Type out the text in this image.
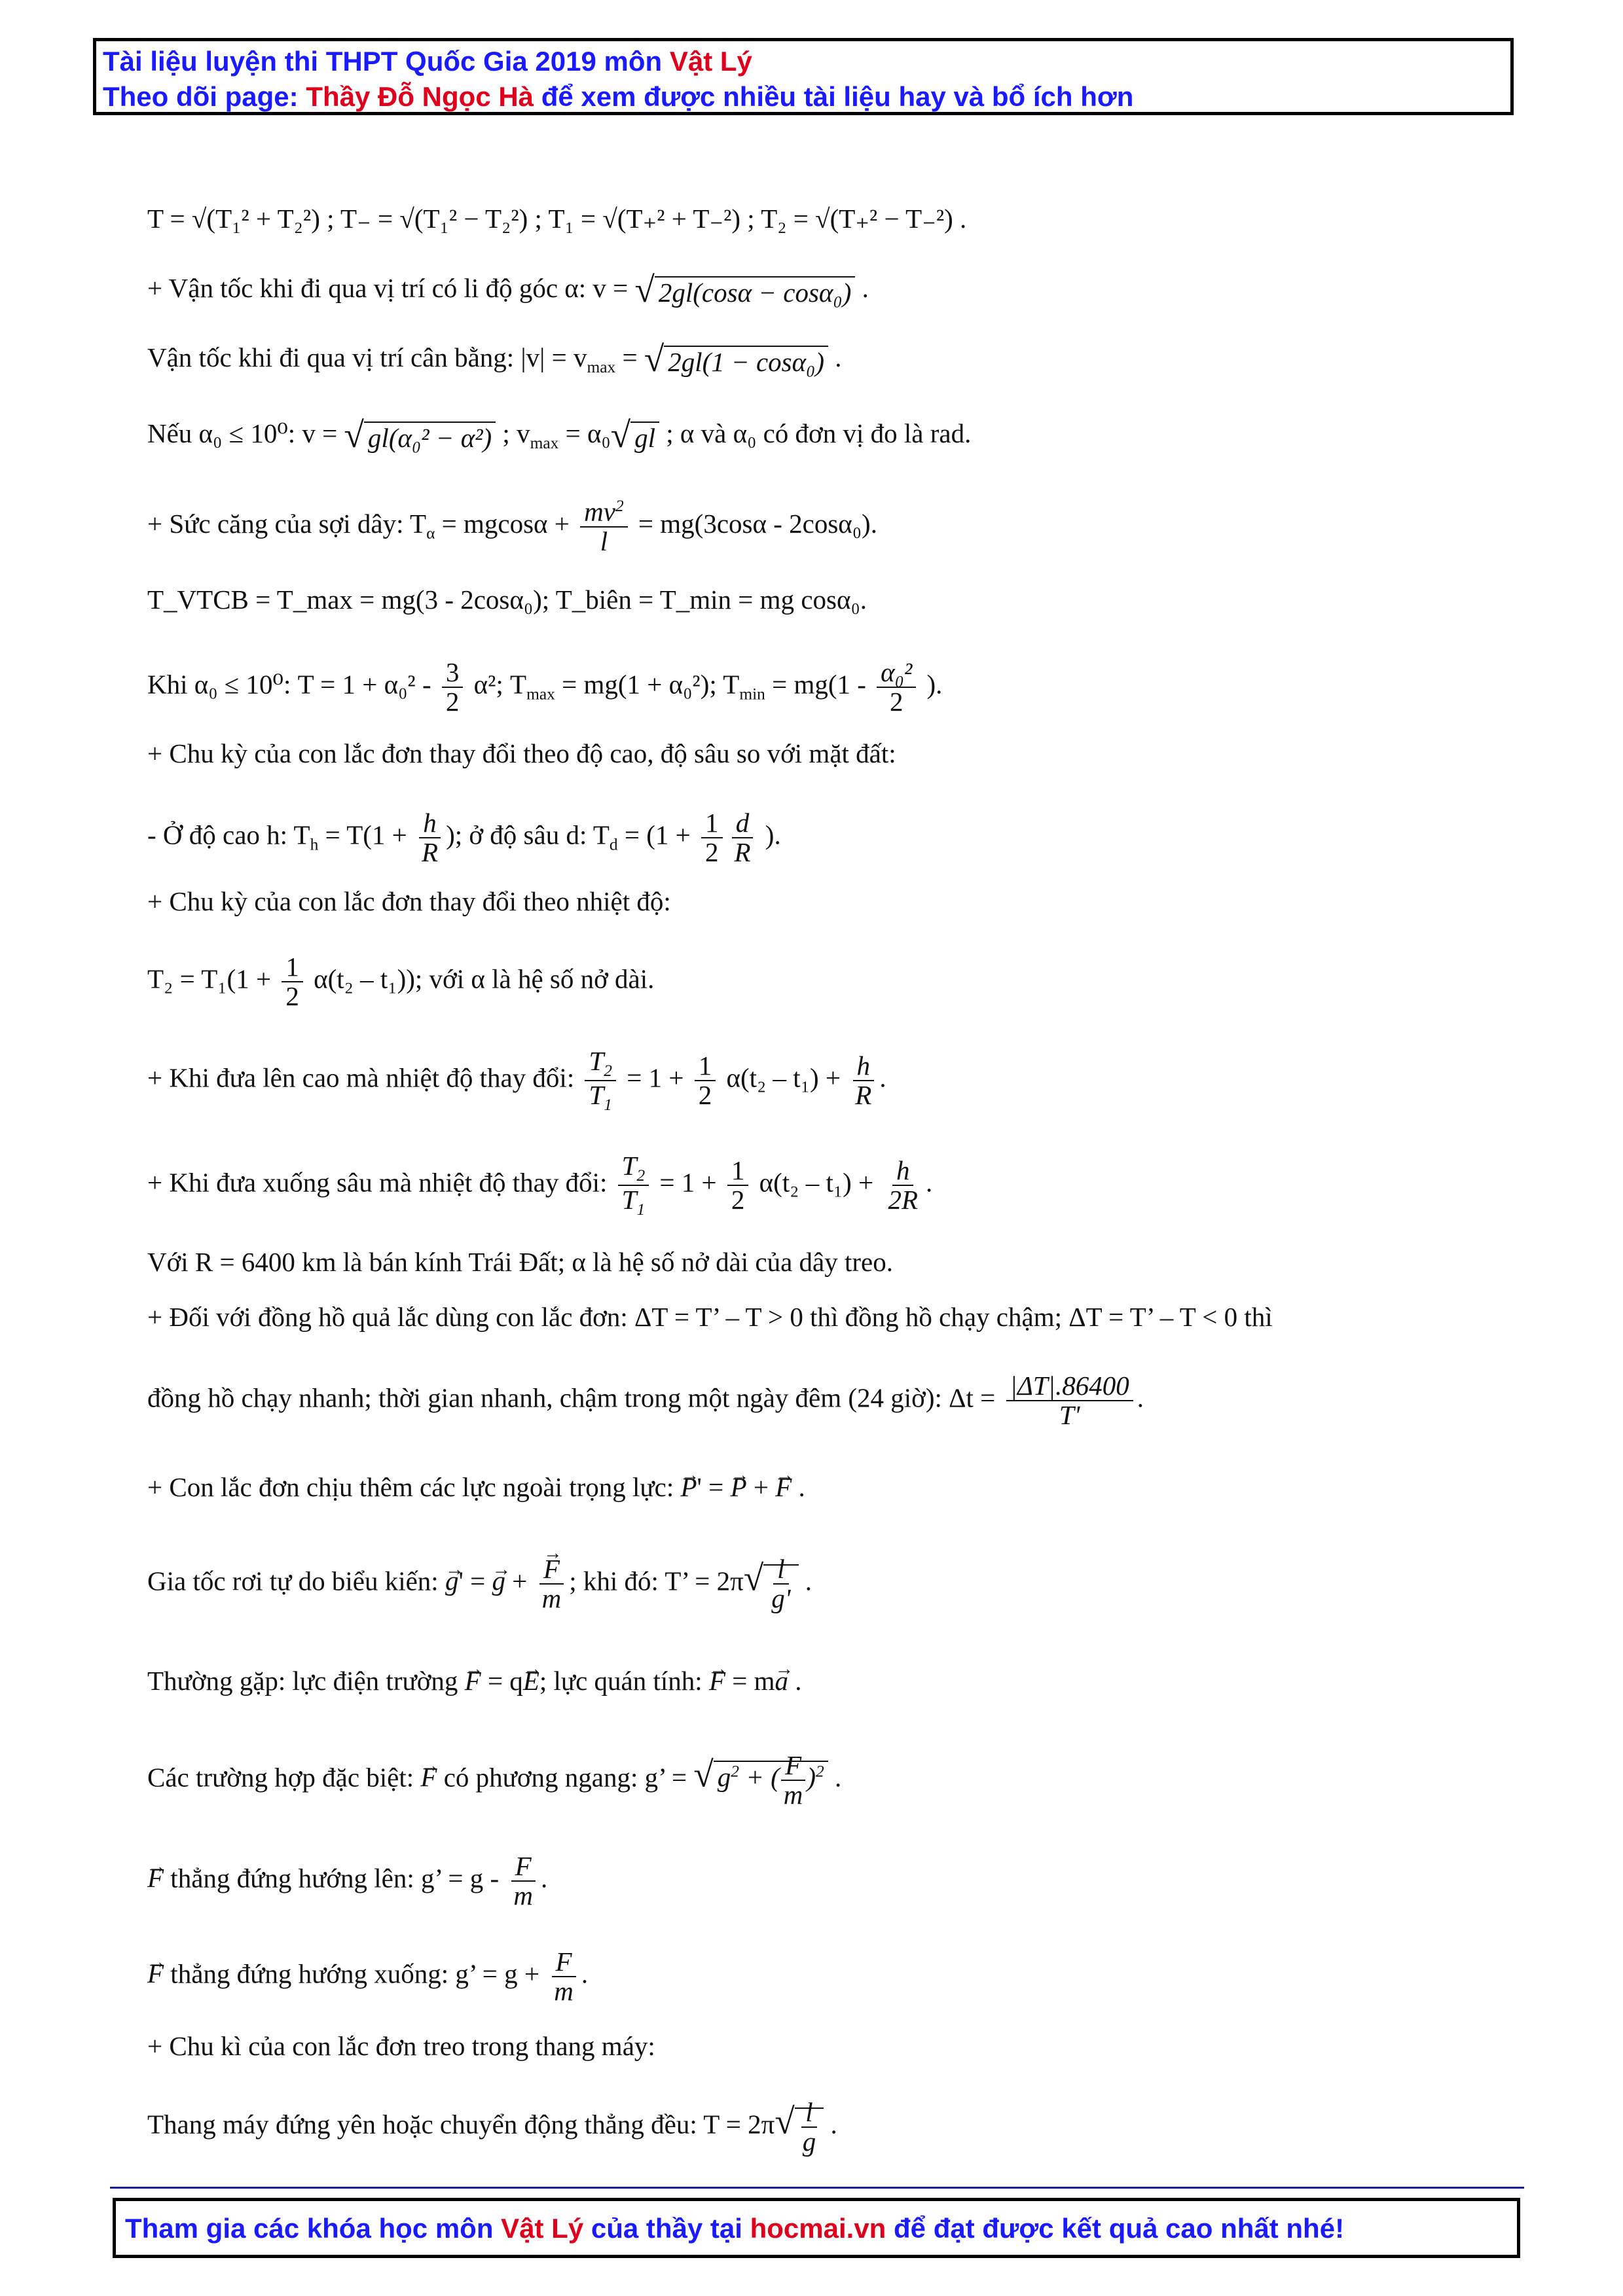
Tài liệu luyện thi THPT Quốc Gia 2019 môn Vật Lý
Theo dõi page: Thầy Đỗ Ngọc Hà để xem được nhiều tài liệu hay và bổ ích hơn
T = √(T₁² + T₂²) ; T₋ = √(T₁² − T₂²) ; T₁ = √(T₊² + T₋²) ; T₂ = √(T₊² − T₋²) .
+ Vận tốc khi đi qua vị trí có li độ góc α: v = √ 2gl(cosα − cosα₀) .
Vận tốc khi đi qua vị trí cân bằng: $|v| = v_{max}$ = √ 2gl(1 − cosα₀) .
Nếu α₀ ≤ 10⁰: v = √ gl(α₀² − α²) ; $v_{max} = \alpha_0√$ gl ; α và α₀ có đơn vị đo là rad.
+ Sức căng của sợi dây: $T_\alpha = mgcos\alpha + \frac{mv^2}{l} = mg(3\cos\alpha - 2\cos\alpha_0)$.
T_VTCB = T_max = mg(3 - 2cosα₀); T_biên = T_min = mg cosα₀.
Khi α₀ ≤ 10⁰: $T = 1 + \alpha_0^2 - \frac{3}{2} \alpha^2$; $T_{max} = mg(1 + \alpha_0^2)$; $T_{min} = mg(1 - \frac{\text{α₀²}}{2}$ ).
+ Chu kỳ của con lắc đơn thay đổi theo độ cao, độ sâu so với mặt đất:
- Ở độ cao h: $T_h = T(1 + \frac{h}{R}$ ); ở độ sâu d: $T_d = (1 + \frac{1}{2} \frac{d}{R}$ ).
+ Chu kỳ của con lắc đơn thay đổi theo nhiệt độ:
$T_2 = T_1(1 + \frac{1}{2} \alpha(t_2 - t_1))$; với α là hệ số nở dài.
+ Khi đưa lên cao mà nhiệt độ thay đổi: $\frac{T_2}{T_1} = 1 + \frac{1}{2} \alpha(t_2 - t_1) + \frac{h}{R}$ .
+ Khi đưa xuống sâu mà nhiệt độ thay đổi: $\frac{T_2}{T_1} = 1 + \frac{1}{2} \alpha(t_2 - t_1) + \frac{h}{2R}$ .
Với R = 6400 km là bán kính Trái Đất; α là hệ số nở dài của dây treo.
+ Đối với đồng hồ quả lắc dùng con lắc đơn: ΔT = T’ – T > 0 thì đồng hồ chạy chậm; ΔT = T’ – T < 0 thì
đồng hồ chạy nhanh; thời gian nhanh, chậm trong một ngày đêm (24 giờ): $\Delta t = \frac{|\Delta T|.86400}{T'}$ .
+ Con lắc đơn chịu thêm các lực ngoài trọng lực: → P' = → P + → F .
Gia tốc rơi tự do biểu kiến: → g' = → g +
→ $\frac{F}{m}$ ; khi đó: T’ = $2\pi√ \frac{l}{g'}$ .
Thường gặp: lực điện trường → F = q→ E; lực quán tính: → F = m→ a .
Các trường hợp đặc biệt: → F có phương ngang: g’ = √ $g^2$ + ( $\frac{F}{m} )^2$ .
→ F thẳng đứng hướng lên: g’ = g - $\frac{F}{m}$ .
→ F thẳng đứng hướng xuống: g’ = $g + \frac{F}{m}$ .
+ Chu kì của con lắc đơn treo trong thang máy:
Thang máy đứng yên hoặc chuyển động thẳng đều: $T = 2\pi√ \frac{l}{g}$ .
Tham gia các khóa học môn Vật Lý của thầy tại hocmai.vn để đạt được kết quả cao nhất nhé!
